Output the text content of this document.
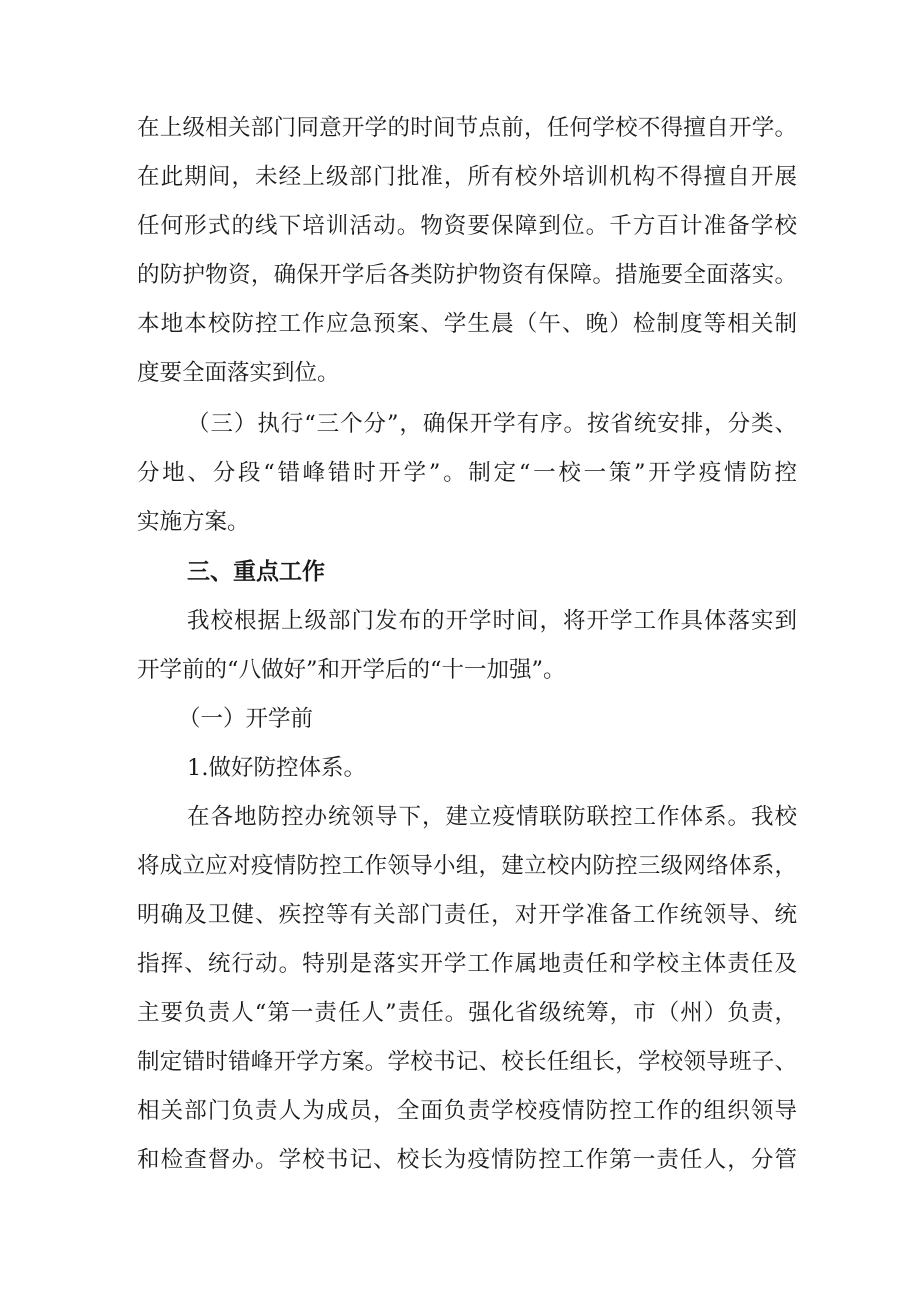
在上级相关部门同意开学的时间节点前，任何学校不得擅自开学。

在此期间，未经上级部门批准，所有校外培训机构不得擅自开展

任何形式的线下培训活动。物资要保障到位。千方百计准备学校

的防护物资，确保开学后各类防护物资有保障。措施要全面落实。

本地本校防控工作应急预案、学生晨（午、晚）检制度等相关制

度要全面落实到位。

（三）执行“三个分”，确保开学有序。按省统安排，分类、

分地、分段“错峰错时开学”。制定“一校一策”开学疫情防控

实施方案。

三、重点工作

我校根据上级部门发布的开学时间，将开学工作具体落实到

开学前的“八做好”和开学后的“十一加强”。

（一）开学前

1.做好防控体系。

在各地防控办统领导下，建立疫情联防联控工作体系。我校

将成立应对疫情防控工作领导小组，建立校内防控三级网络体系，

明确及卫健、疾控等有关部门责任，对开学准备工作统领导、统

指挥、统行动。特别是落实开学工作属地责任和学校主体责任及

主要负责人“第一责任人”责任。强化省级统筹，市（州）负责，

制定错时错峰开学方案。学校书记、校长任组长，学校领导班子、

相关部门负责人为成员，全面负责学校疫情防控工作的组织领导

和检查督办。学校书记、校长为疫情防控工作第一责任人，分管
